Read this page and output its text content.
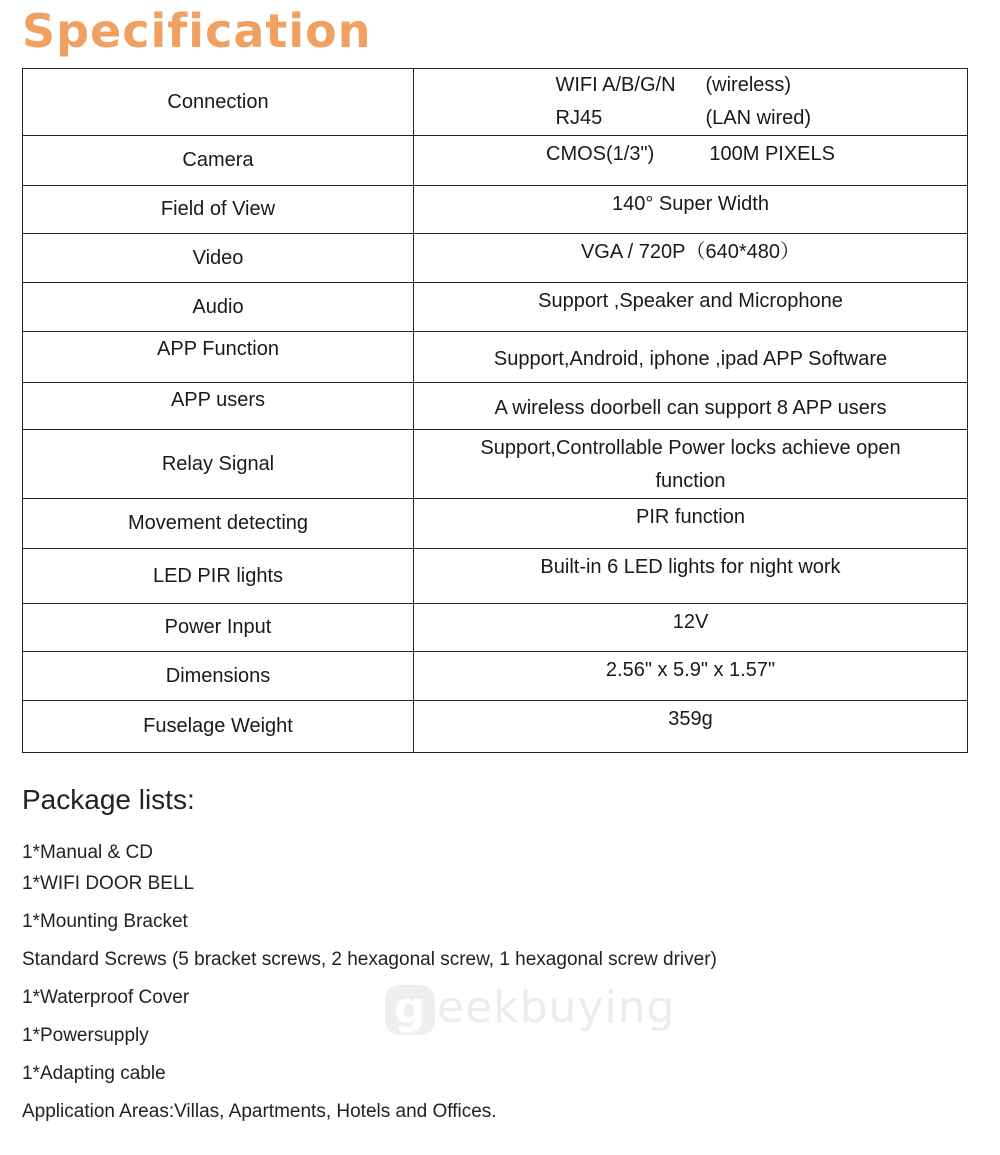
Specification
Connection	WIFI A/B/G/N (wireless)
RJ45 (LAN wired)

Camera	CMOS(1/3") 100M PIXELS
Field of View	140° Super Width
Video	VGA / 720P（640*480）
Audio	Support ,Speaker and Microphone
APP Function	Support,Android, iphone ,ipad APP Software
APP users	A wireless doorbell can support 8 APP users
Relay Signal	Support,Controllable Power locks achieve open function
Movement detecting	PIR function
LED PIR lights	Built-in 6 LED lights for night work
Power Input	12V
Dimensions	2.56" x 5.9" x 1.57"
Fuselage Weight	359g
Package lists:
1*Manual & CD
1*WIFI DOOR BELL
1*Mounting Bracket
Standard Screws (5 bracket screws, 2 hexagonal screw, 1 hexagonal screw driver)
g eekbuying
1*Waterproof Cover
1*Powersupply
1*Adapting cable
Application Areas:Villas, Apartments, Hotels and Offices.
